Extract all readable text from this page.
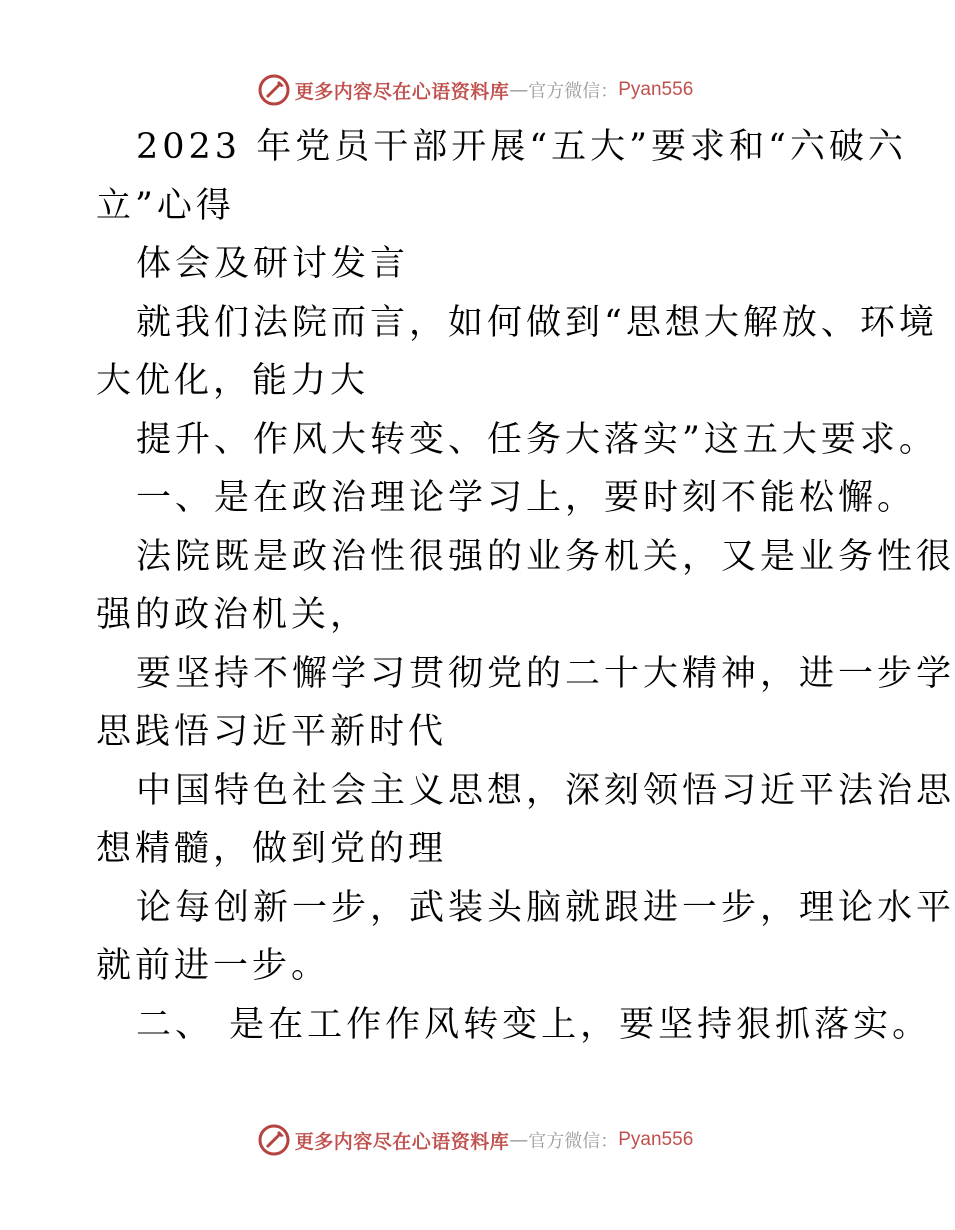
更多内容尽在心语资料库 — 官方微信： Pyan556
2023 年党员干部开展“五大”要求和“六破六
立”心得
体会及研讨发言
就我们法院而言，如何做到“思想大解放、环境
大优化，能力大
提升、作风大转变、任务大落实”这五大要求。
一、是在政治理论学习上，要时刻不能松懈。
法院既是政治性很强的业务机关，又是业务性很
强的政治机关，
要坚持不懈学习贯彻党的二十大精神，进一步学
思践悟习近平新时代
中国特色社会主义思想，深刻领悟习近平法治思
想精髓，做到党的理
论每创新一步，武装头脑就跟进一步，理论水平
就前进一步。
二、 是在工作作风转变上，要坚持狠抓落实。
更多内容尽在心语资料库 — 官方微信： Pyan556
